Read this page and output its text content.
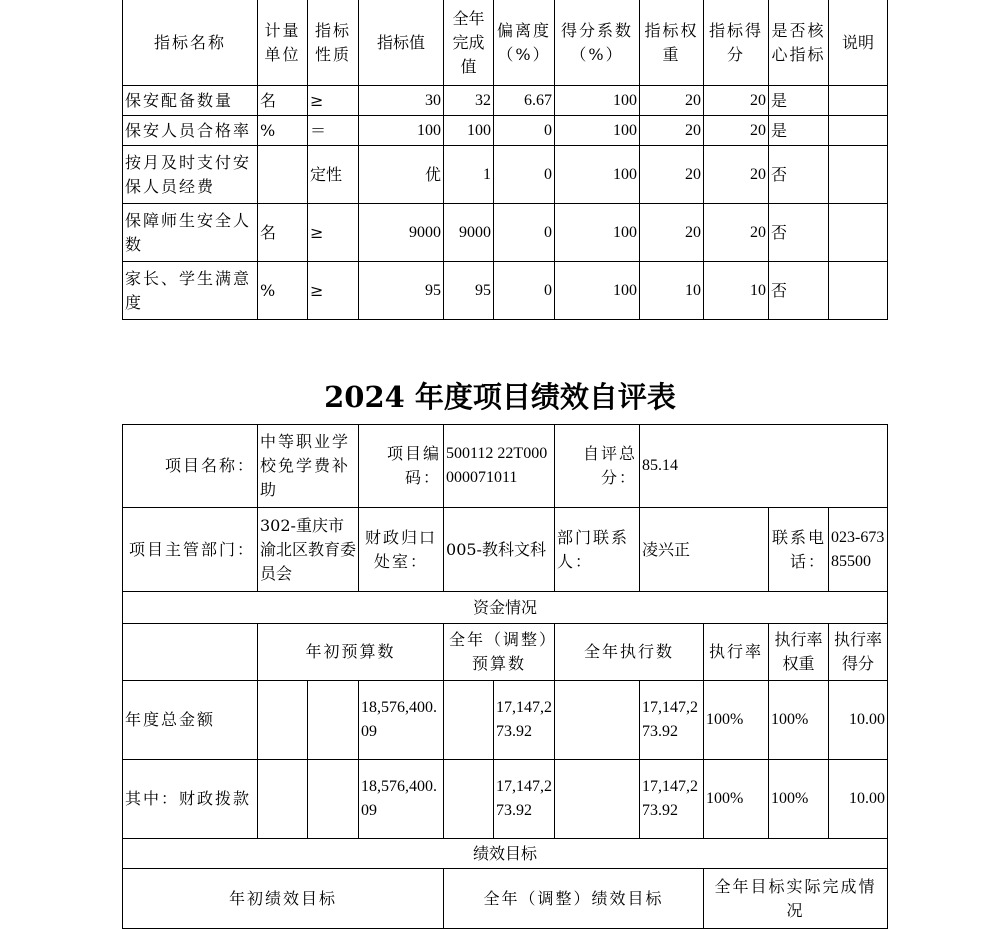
指标名称	计量单位	指标性质	指标值	全年完成值	偏离度（%）	得分系数（%）	指标权重	指标得分	是否核心指标	说明
保安配备数量	名	≥	30	32	6.67	100	20	20	是	
保安人员合格率	%	＝	100	100	0	100	20	20	是	
按月及时支付安保人员经费		定性	优	1	0	100	20	20	否	
保障师生安全人数	名	≥	9000	9000	0	100	20	20	否	
家长、学生满意度	%	≥	95	95	0	100	10	10	否	
2024 年度项目绩效自评表
项目名称：	中等职业学校免学费补助		项目编码：	500112 22T000000071011		自评总分：	85.14			
项目主管部门：	302-重庆市渝北区教育委员会		财政归口处室：	005-教科文科		部门联系人：	凌兴正		联系电话：	023-67385500
资金情况										
	年初预算数			全年（调整）预算数		全年执行数		执行率	执行率权重	执行率得分
年度总金额			18,576,400.09		17,147,273.92		17,147,273.92	100%	100%	10.00
其中：财政拨款			18,576,400.09		17,147,273.92		17,147,273.92	100%	100%	10.00
绩效目标										
年初绩效目标				全年（调整）绩效目标				全年目标实际完成情况		
